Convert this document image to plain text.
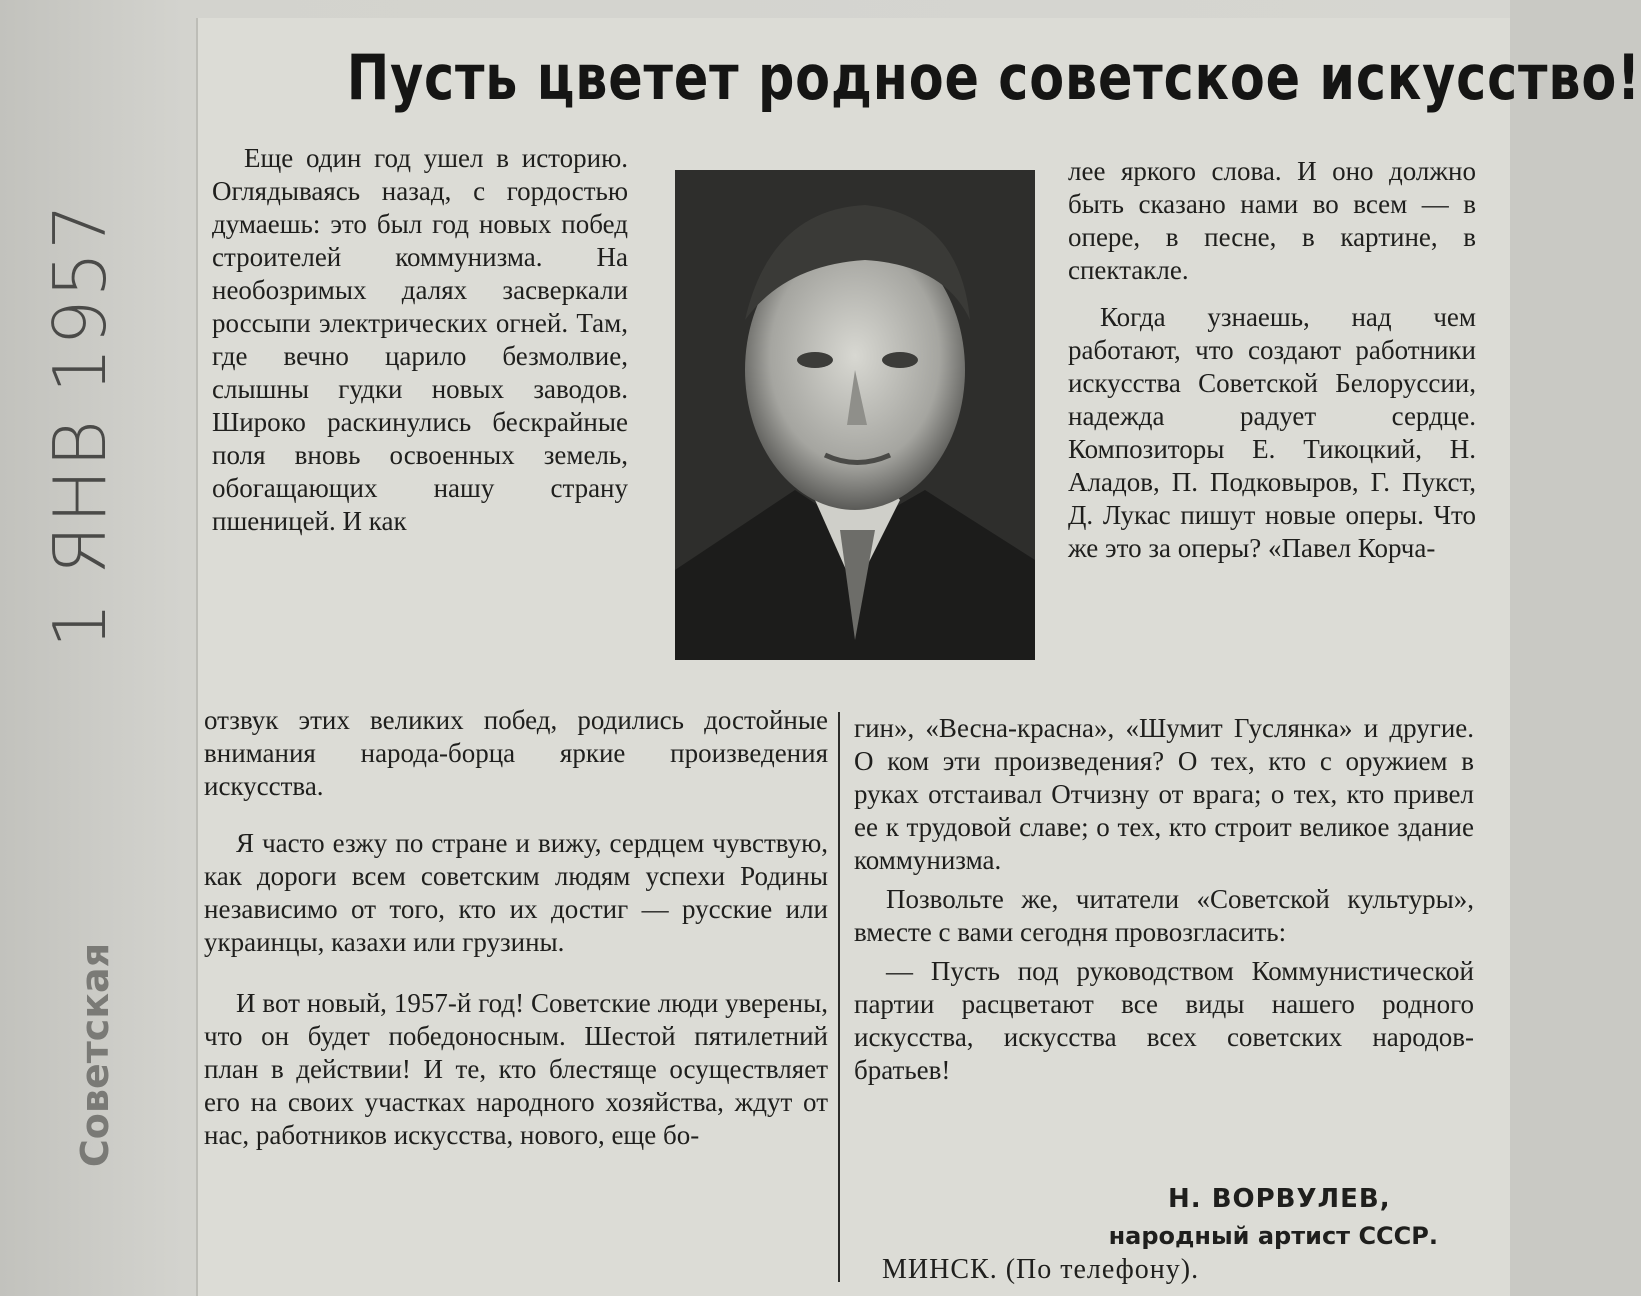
1 ЯНВ 1957
Советская
Пусть цветет родное советское искусство!

Еще один год ушел в историю. Оглядываясь назад, с гордостью думаешь: это был год новых побед строителей коммунизма. На необозримых далях засверкали россыпи электрических огней. Там, где вечно царило безмолвие, слышны гудки новых заводов. Широко раскинулись бескрайные поля вновь освоенных земель, обогащающих нашу страну пшеницей. И как

лее яркого слова. И оно должно быть сказано нами во всем — в опере, в песне, в картине, в спектакле.

Когда узнаешь, над чем работают, что создают работники искусства Советской Белоруссии, надежда радует сердце. Композиторы Е. Тикоцкий, Н. Аладов, П. Подковыров, Г. Пукст, Д. Лукас пишут новые оперы. Что же это за оперы? «Павел Корча-

отзвук этих великих побед, родились достойные внимания народа-борца яркие произведения искусства.

Я часто езжу по стране и вижу, сердцем чувствую, как дороги всем советским людям успехи Родины независимо от того, кто их достиг — русские или украинцы, казахи или грузины.

И вот новый, 1957-й год! Советские люди уверены, что он будет победоносным. Шестой пятилетний план в действии! И те, кто блестяще осуществляет его на своих участках народного хозяйства, ждут от нас, работников искусства, нового, еще бо-

гин», «Весна-красна», «Шумит Гуслянка» и другие. О ком эти произведения? О тех, кто с оружием в руках отстаивал Отчизну от врага; о тех, кто привел ее к трудовой славе; о тех, кто строит великое здание коммунизма.

Позвольте же, читатели «Советской культуры», вместе с вами сегодня провозгласить:

— Пусть под руководством Коммунистической партии расцветают все виды нашего родного искусства, искусства всех советских народов-братьев!

Н. ВОРВУЛЕВ,
народный артист СССР.
МИНСК. (По телефону).
